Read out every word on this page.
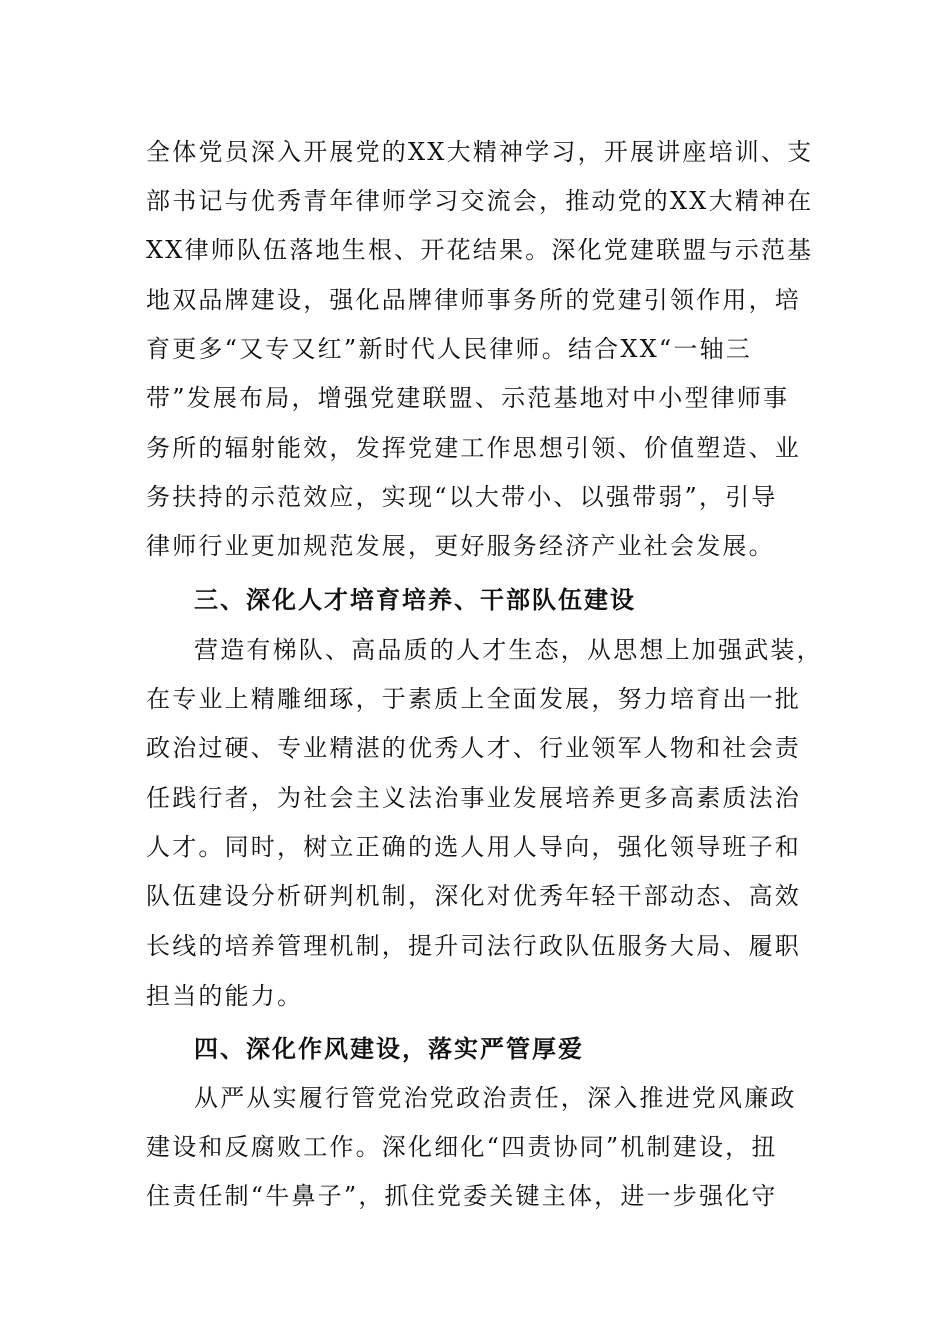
全体党员深入开展党的XX大精神学习，开展讲座培训、支
部书记与优秀青年律师学习交流会，推动党的XX大精神在
XX律师队伍落地生根、开花结果。深化党建联盟与示范基
地双品牌建设，强化品牌律师事务所的党建引领作用，培
育更多“又专又红”新时代人民律师。结合XX“一轴三
带”发展布局，增强党建联盟、示范基地对中小型律师事
务所的辐射能效，发挥党建工作思想引领、价值塑造、业
务扶持的示范效应，实现“以大带小、以强带弱”，引导
律师行业更加规范发展，更好服务经济产业社会发展。
三、深化人才培育培养、干部队伍建设
营造有梯队、高品质的人才生态，从思想上加强武装，
在专业上精雕细琢，于素质上全面发展，努力培育出一批
政治过硬、专业精湛的优秀人才、行业领军人物和社会责
任践行者，为社会主义法治事业发展培养更多高素质法治
人才。同时，树立正确的选人用人导向，强化领导班子和
队伍建设分析研判机制，深化对优秀年轻干部动态、高效
长线的培养管理机制，提升司法行政队伍服务大局、履职
担当的能力。
四、深化作风建设，落实严管厚爱
从严从实履行管党治党政治责任，深入推进党风廉政
建设和反腐败工作。深化细化“四责协同”机制建设，扭
住责任制“牛鼻子”，抓住党委关键主体，进一步强化守
